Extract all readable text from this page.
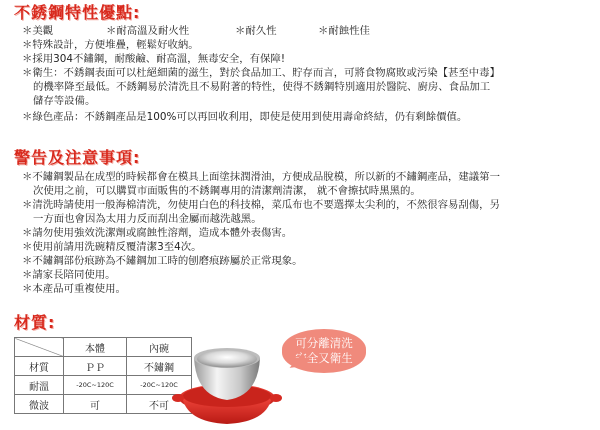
不銹鋼特性優點:
＊美觀	＊耐高溫及耐火性	＊耐久性	＊耐蝕性佳
＊特殊設計，方便堆疊，輕鬆好收納。
＊採用304不鏽鋼，耐酸鹼、耐高溫，無毒安全，有保障!
＊衛生：不銹鋼表面可以杜絕細菌的滋生，對於食品加工、貯存而言，可將食物腐敗或污染【甚至中毒】
的機率降至最低。不銹鋼易於清洗且不易附著的特性，使得不銹鋼特別適用於醫院、廚房、食品加工
儲存等設備。
＊綠色產品：不銹鋼產品是100%可以再回收利用，即使是使用到使用壽命終結，仍有剩餘價值。
警告及注意事項:
＊不鏽鋼製品在成型的時候都會在模具上面塗抹潤滑油，方便成品脫模，所以新的不鏽鋼產品，建議第一
次使用之前，可以購買市面販售的不銹鋼專用的清潔劑清潔， 就不會擦拭時黑黑的。
＊清洗時請使用一般海棉清洗，勿使用白色的科技棉，菜瓜布也不要選擇太尖利的，不然很容易刮傷，另
一方面也會因為太用力反而刮出金屬而越洗越黑。
＊請勿使用強效洗潔劑或腐蝕性溶劑，造成本體外表傷害。
＊使用前請用洗碗精反覆清潔3至4次。
＊不鏽鋼部份痕跡為不鏽鋼加工時的刨磨痕跡屬於正常現象。
＊請家長陪同使用。
＊本產品可重複使用。
材質:
	本體	內碗
材質	ＰＰ	不鏽鋼
耐溫	-20C~120C	-20C~120C
微波	可	不可
可分離清洗
安全又衛生
